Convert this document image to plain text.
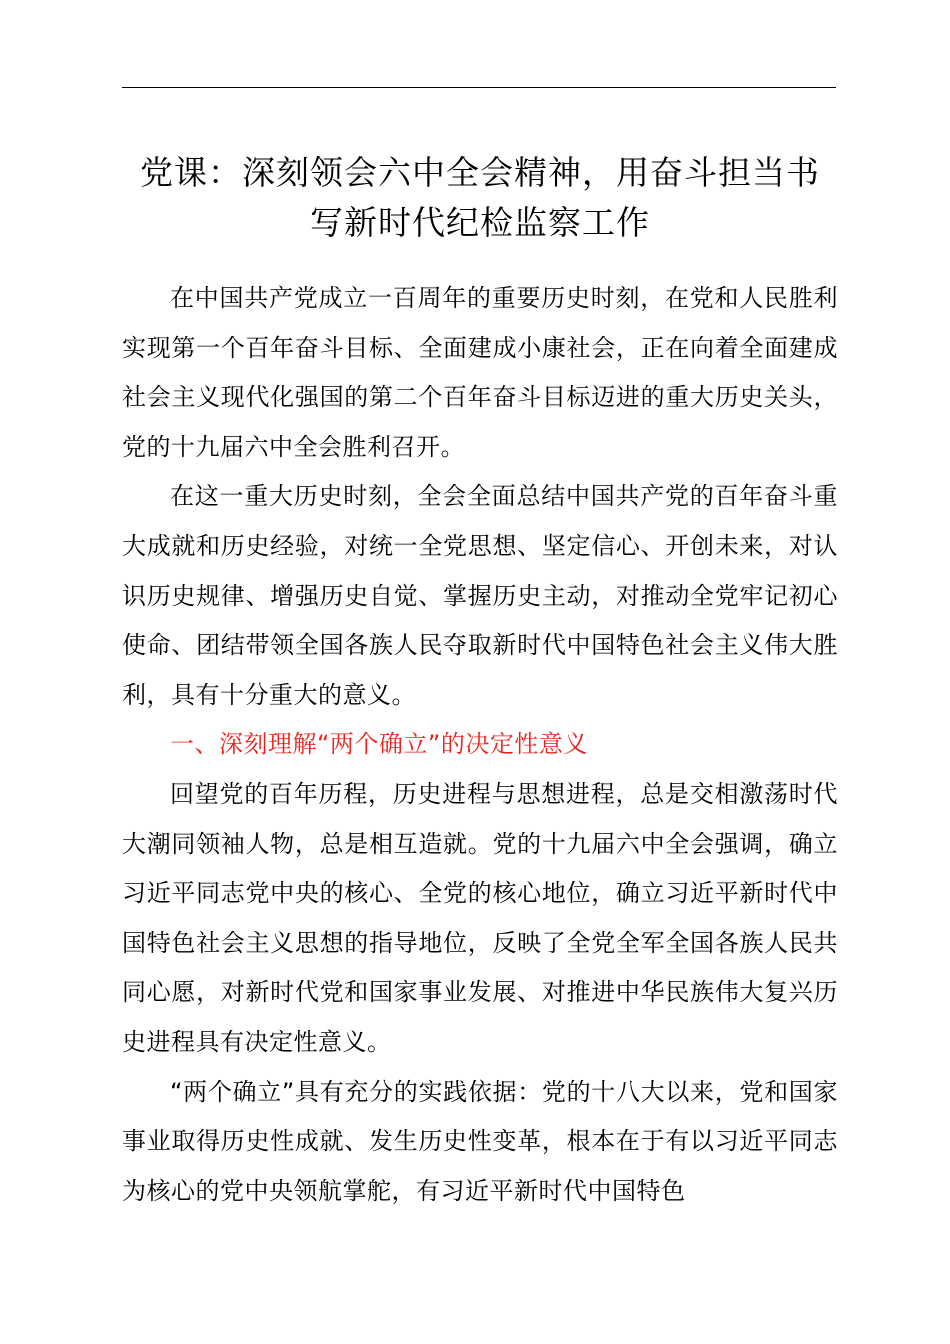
党课：深刻领会六中全会精神，用奋斗担当书
写新时代纪检监察工作

在中国共产党成立一百周年的重要历史时刻，在党和人民胜利实现第一个百年奋斗目标、全面建成小康社会，正在向着全面建成社会主义现代化强国的第二个百年奋斗目标迈进的重大历史关头，党的十九届六中全会胜利召开。

在这一重大历史时刻，全会全面总结中国共产党的百年奋斗重大成就和历史经验，对统一全党思想、坚定信心、开创未来，对认识历史规律、增强历史自觉、掌握历史主动，对推动全党牢记初心使命、团结带领全国各族人民夺取新时代中国特色社会主义伟大胜利，具有十分重大的意义。

一、深刻理解“两个确立”的决定性意义

回望党的百年历程，历史进程与思想进程，总是交相激荡时代大潮同领袖人物，总是相互造就。党的十九届六中全会强调，确立习近平同志党中央的核心、全党的核心地位，确立习近平新时代中国特色社会主义思想的指导地位，反映了全党全军全国各族人民共同心愿，对新时代党和国家事业发展、对推进中华民族伟大复兴历史进程具有决定性意义。

“两个确立”具有充分的实践依据：党的十八大以来，党和国家事业取得历史性成就、发生历史性变革，根本在于有以习近平同志为核心的党中央领航掌舵，有习近平新时代中国特色
